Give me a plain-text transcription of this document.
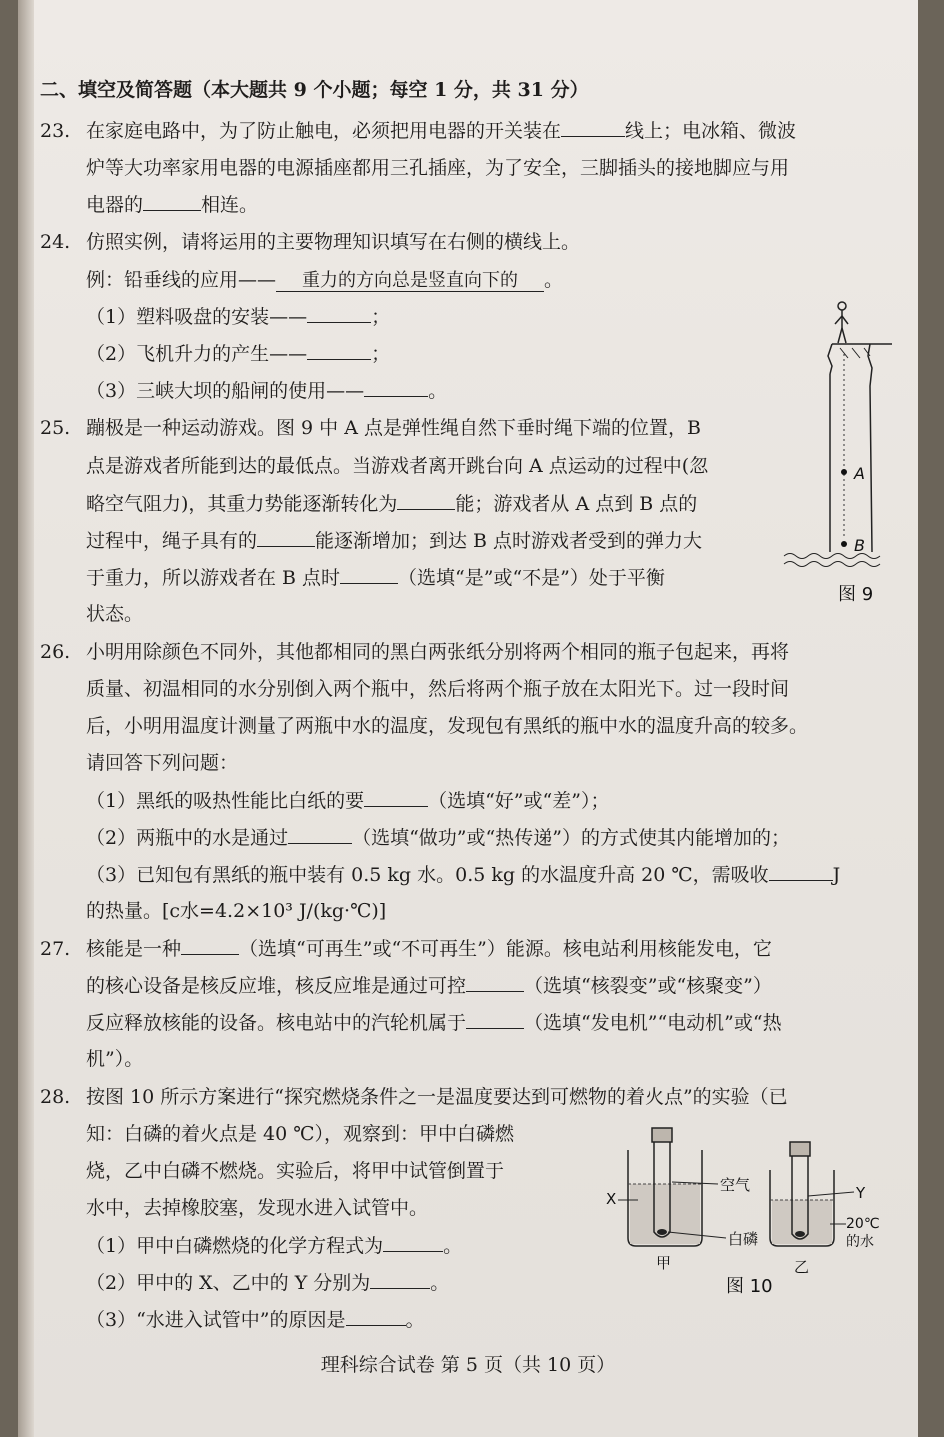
二、填空及简答题（本大题共 9 个小题；每空 1 分，共 31 分）
23. 在家庭电路中，为了防止触电，必须把用电器的开关装在	线上；电冰箱、微波
炉等大功率家用电器的电源插座都用三孔插座，为了安全，三脚插头的接地脚应与用
电器的	相连。
24. 仿照实例，请将运用的主要物理知识填写在右侧的横线上。
例：铅垂线的应用—— 重力的方向总是竖直向下的 。
（1）塑料吸盘的安装——	；
（2）飞机升力的产生——	；
（3）三峡大坝的船闸的使用——	。
25. 蹦极是一种运动游戏。图 9 中 A 点是弹性绳自然下垂时绳下端的位置，B
点是游戏者所能到达的最低点。当游戏者离开跳台向 A 点运动的过程中(忽
略空气阻力)，其重力势能逐渐转化为	能；游戏者从 A 点到 B 点的
过程中，绳子具有的	能逐渐增加；到达 B 点时游戏者受到的弹力大
于重力，所以游戏者在 B 点时	（选填“是”或“不是”）处于平衡
状态。
A
B
图 9
26. 小明用除颜色不同外，其他都相同的黑白两张纸分别将两个相同的瓶子包起来，再将
质量、初温相同的水分别倒入两个瓶中，然后将两个瓶子放在太阳光下。过一段时间
后，小明用温度计测量了两瓶中水的温度，发现包有黑纸的瓶中水的温度升高的较多。
请回答下列问题：
（1）黑纸的吸热性能比白纸的要	（选填“好”或“差”）；
（2）两瓶中的水是通过	（选填“做功”或“热传递”）的方式使其内能增加的；
（3）已知包有黑纸的瓶中装有 0.5 kg 水。0.5 kg 的水温度升高 20 ℃，需吸收	J
的热量。[c水=4.2×10³ J/(kg·℃)]
27. 核能是一种	（选填“可再生”或“不可再生”）能源。核电站利用核能发电，它
的核心设备是核反应堆，核反应堆是通过可控	（选填“核裂变”或“核聚变”）
反应释放核能的设备。核电站中的汽轮机属于	（选填“发电机”“电动机”或“热
机”）。
28. 按图 10 所示方案进行“探究燃烧条件之一是温度要达到可燃物的着火点”的实验（已
知：白磷的着火点是 40 ℃），观察到：甲中白磷燃
烧，乙中白磷不燃烧。实验后，将甲中试管倒置于
水中，去掉橡胶塞，发现水进入试管中。
（1）甲中白磷燃烧的化学方程式为	。
（2）甲中的 X、乙中的 Y 分别为	。
（3）“水进入试管中”的原因是	。
X
空气
白磷
甲
Y
20℃
的水
乙
图 10
理科综合试卷 第 5 页（共 10 页）
